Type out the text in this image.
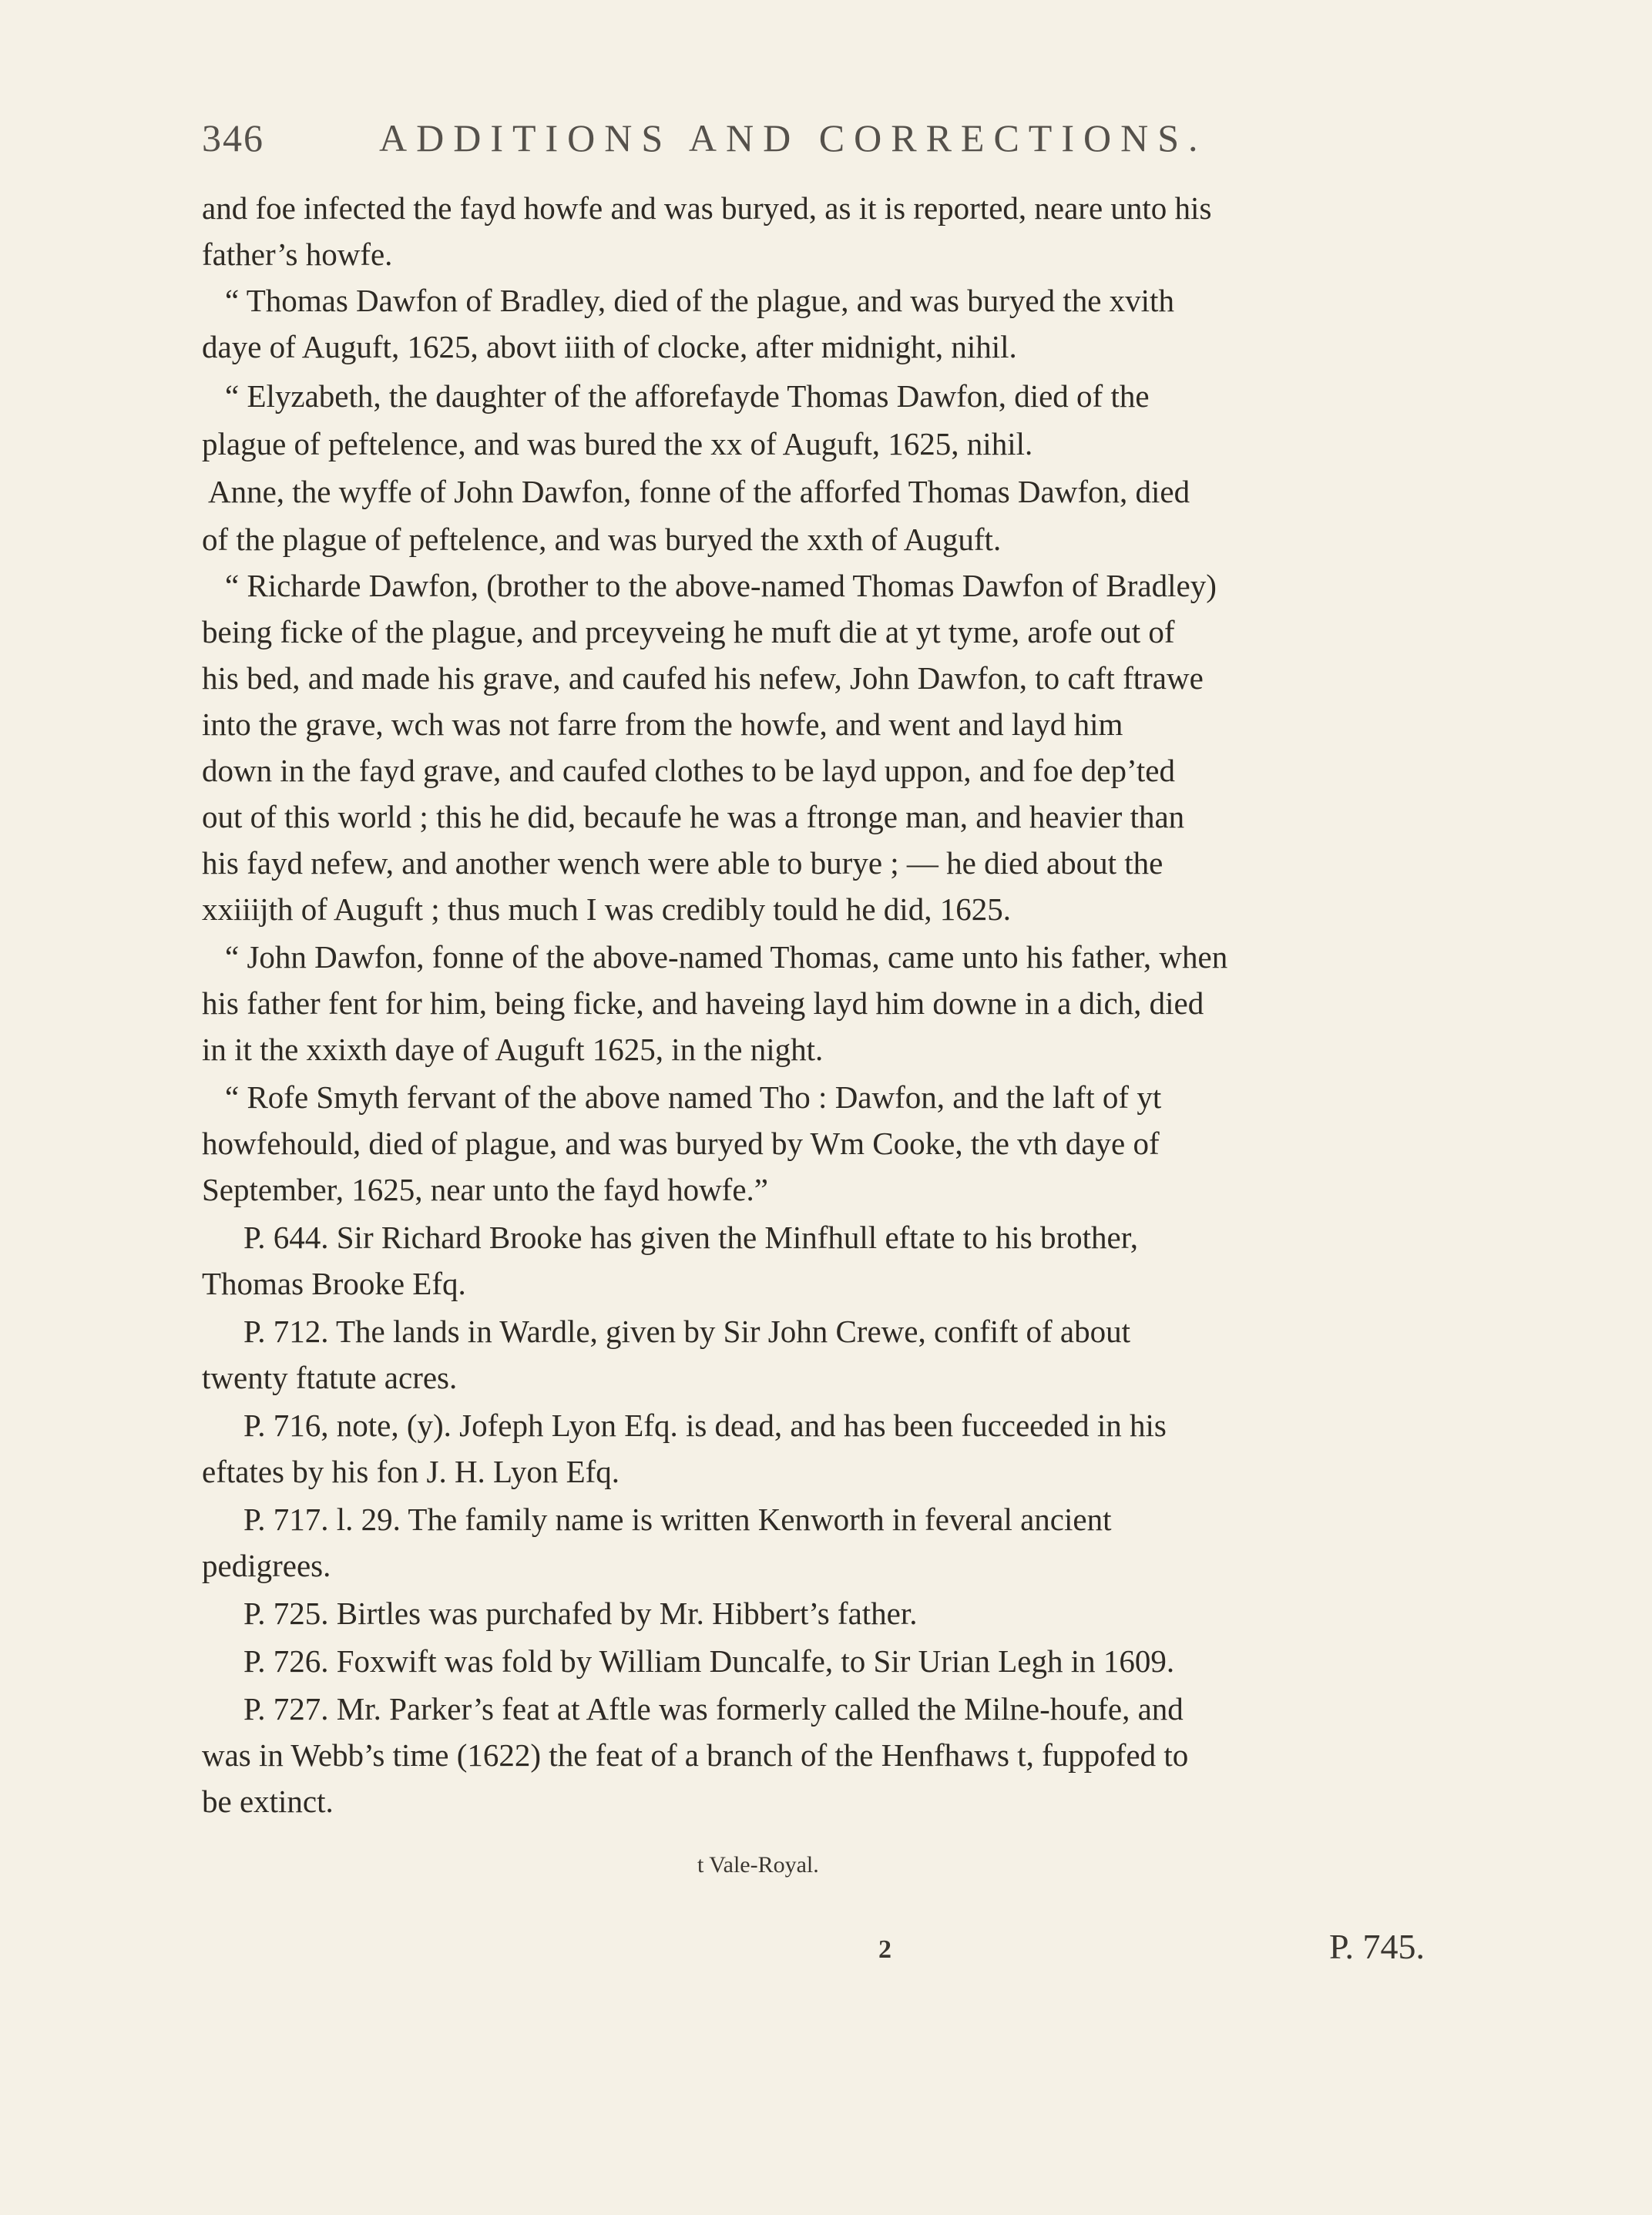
346	ADDITIONS AND CORRECTIONS.
and foe infected the fayd howfe and was buryed, as it is reported, neare unto his
father’s howfe.
“ Thomas Dawfon of Bradley, died of the plague, and was buryed the xvith
daye of Auguft, 1625, abovt iiith of clocke, after midnight, nihil.
“ Elyzabeth, the daughter of the afforefayde Thomas Dawfon, died of the
plague of peftelence, and was bured the xx of Auguft, 1625, nihil.
Anne, the wyffe of John Dawfon, fonne of the afforfed Thomas Dawfon, died
of the plague of peftelence, and was buryed the xxth of Auguft.
“ Richarde Dawfon, (brother to the above-named Thomas Dawfon of Bradley)
being ficke of the plague, and prceyveing he muft die at yt tyme, arofe out of
his bed, and made his grave, and caufed his nefew, John Dawfon, to caft ftrawe
into the grave, wch was not farre from the howfe, and went and layd him
down in the fayd grave, and caufed clothes to be layd uppon, and foe dep’ted
out of this world ; this he did, becaufe he was a ftronge man, and heavier than
his fayd nefew, and another wench were able to burye ; — he died about the
xxiiijth of Auguft ; thus much I was credibly tould he did, 1625.
“ John Dawfon, fonne of the above-named Thomas, came unto his father, when
his father fent for him, being ficke, and haveing layd him downe in a dich, died
in it the xxixth daye of Auguft 1625, in the night.
“ Rofe Smyth fervant of the above named Tho : Dawfon, and the laft of yt
howfehould, died of plague, and was buryed by Wm Cooke, the vth daye of
September, 1625, near unto the fayd howfe.”
P. 644. Sir Richard Brooke has given the Minfhull eftate to his brother,
Thomas Brooke Efq.
P. 712. The lands in Wardle, given by Sir John Crewe, confift of about
twenty ftatute acres.
P. 716, note, (y). Jofeph Lyon Efq. is dead, and has been fucceeded in his
eftates by his fon J. H. Lyon Efq.
P. 717. l. 29. The family name is written Kenworth in feveral ancient
pedigrees.
P. 725. Birtles was purchafed by Mr. Hibbert’s father.
P. 726. Foxwift was fold by William Duncalfe, to Sir Urian Legh in 1609.
P. 727. Mr. Parker’s feat at Aftle was formerly called the Milne-houfe, and
was in Webb’s time (1622) the feat of a branch of the Henfhaws t, fuppofed to
be extinct.
t Vale-Royal.
2	P. 745.
